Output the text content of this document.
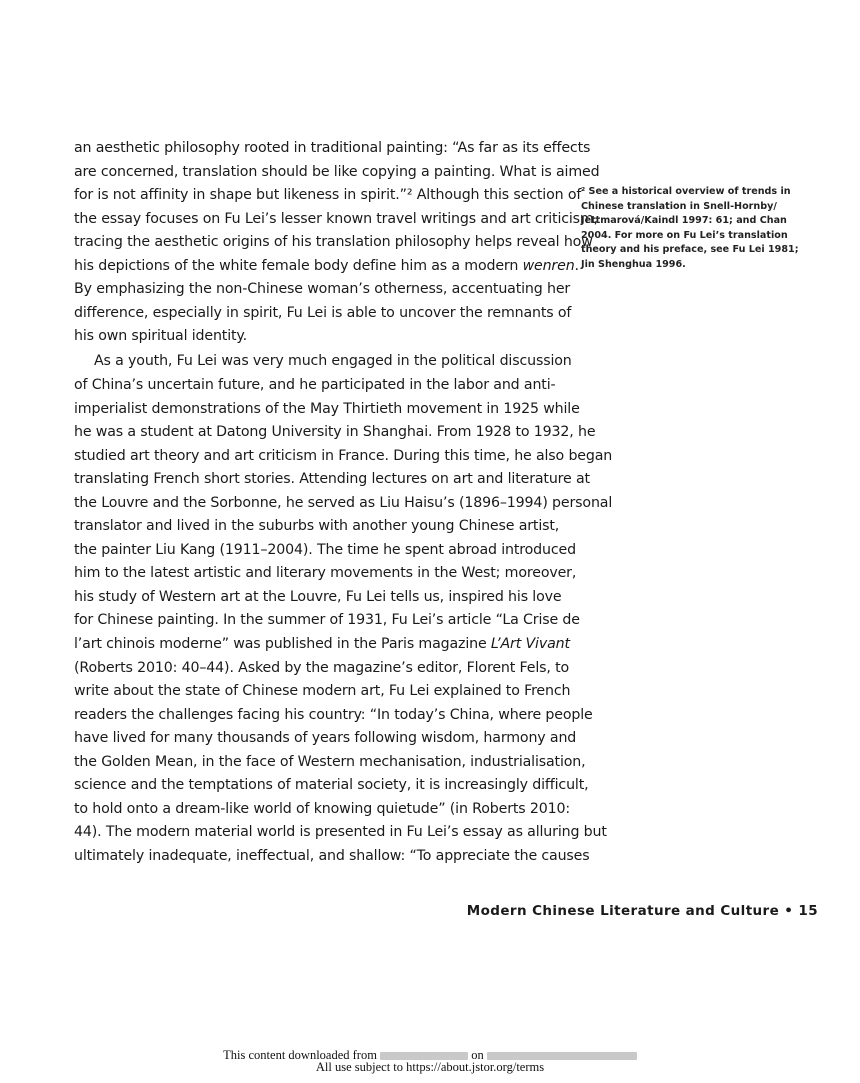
an aesthetic philosophy rooted in traditional painting: “As far as its effects
are concerned, translation should be like copying a painting. What is aimed
for is not affinity in shape but likeness in spirit.”² Although this section of
the essay focuses on Fu Lei’s lesser known travel writings and art criticism,
tracing the aesthetic origins of his translation philosophy helps reveal how
his depictions of the white female body define him as a modern wenren.
By emphasizing the non-Chinese woman’s otherness, accentuating her
difference, especially in spirit, Fu Lei is able to uncover the remnants of
his own spiritual identity.
As a youth, Fu Lei was very much engaged in the political discussion
of China’s uncertain future, and he participated in the labor and anti-
imperialist demonstrations of the May Thirtieth movement in 1925 while
he was a student at Datong University in Shanghai. From 1928 to 1932, he
studied art theory and art criticism in France. During this time, he also began
translating French short stories. Attending lectures on art and literature at
the Louvre and the Sorbonne, he served as Liu Haisu’s (1896–1994) personal
translator and lived in the suburbs with another young Chinese artist,
the painter Liu Kang (1911–2004). The time he spent abroad introduced
him to the latest artistic and literary movements in the West; moreover,
his study of Western art at the Louvre, Fu Lei tells us, inspired his love
for Chinese painting. In the summer of 1931, Fu Lei’s article “La Crise de
l’art chinois moderne” was published in the Paris magazine L’Art Vivant
(Roberts 2010: 40–44). Asked by the magazine’s editor, Florent Fels, to
write about the state of Chinese modern art, Fu Lei explained to French
readers the challenges facing his country: “In today’s China, where people
have lived for many thousands of years following wisdom, harmony and
the Golden Mean, in the face of Western mechanisation, industrialisation,
science and the temptations of material society, it is increasingly difficult,
to hold onto a dream-like world of knowing quietude” (in Roberts 2010:
44). The modern material world is presented in Fu Lei’s essay as alluring but
ultimately inadequate, ineffectual, and shallow: “To appreciate the causes
² See a historical overview of trends in
Chinese translation in Snell-Hornby/
Jettmarová/Kaindl 1997: 61; and Chan
2004. For more on Fu Lei’s translation
theory and his preface, see Fu Lei 1981;
Jin Shenghua 1996.
Modern Chinese Literature and Culture • 15
This content downloaded from	on
All use subject to https://about.jstor.org/terms
